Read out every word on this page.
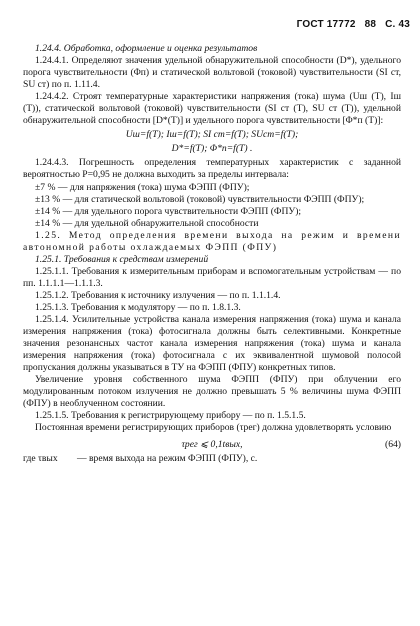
ГОСТ 17772 88 С. 43

1.24.4. Обработка, оформление и оценка результатов

1.24.4.1. Определяют значения удельной обнаружительной способности (D*), удельного порога чувствительности (Φп) и статической вольтовой (токовой) чувствительности (SI ст, SU ст) по п. 1.11.4.

1.24.4.2. Строят температурные характеристики напряжения (тока) шума (Uш (T), Iш (T)), статической вольтовой (токовой) чувствительности (SI ст (T), SU ст (T)), удельной обнаружительной способности [D*(T)] и удельного порога чувствительности [Φ*п (T)]:

Uш=f(T); Iш=f(T); SI ст=f(T); SUст=f(T);

D*=f(T); Φ*п=f(T) .

1.24.4.3. Погрешность определения температурных характеристик с заданной вероятностью P=0,95 не должна выходить за пределы интервала:

±7 % — для напряжения (тока) шума ФЭПП (ФПУ);

±13 % — для статической вольтовой (токовой) чувствительности ФЭПП (ФПУ);

±14 % — для удельного порога чувствительности ФЭПП (ФПУ);

±14 % — для удельной обнаружительной способности

1.25. Метод определения времени выхода на режим и времени автономной работы охлаждаемых ФЭПП (ФПУ)

1.25.1. Требования к средствам измерений

1.25.1.1. Требования к измерительным приборам и вспомогательным устройствам — по пп. 1.1.1.1—1.1.1.3.

1.25.1.2. Требования к источнику излучения — по п. 1.1.1.4.

1.25.1.3. Требования к модулятору — по п. 1.8.1.3.

1.25.1.4. Усилительные устройства канала измерения напряжения (тока) шума и канала измерения напряжения (тока) фотосигнала должны быть селективными. Конкретные значения резонансных частот канала измерения напряжения (тока) шума и канала измерения напряжения (тока) фотосигнала с их эквивалентной шумовой полосой пропускания должны указываться в ТУ на ФЭПП (ФПУ) конкретных типов.

Увеличение уровня собственного шума ФЭПП (ФПУ) при облучении его модулированным потоком излучения не должно превышать 5 % величины шума ФЭПП (ФПУ) в необлученном состоянии.

1.25.1.5. Требования к регистрирующему прибору — по п. 1.5.1.5.

Постоянная времени регистрирующих приборов (τрег) должна удовлетворять условию

τрег ⩽ 0,1tвых,	(64)
где τвых	— время выхода на режим ФЭПП (ФПУ), с.
